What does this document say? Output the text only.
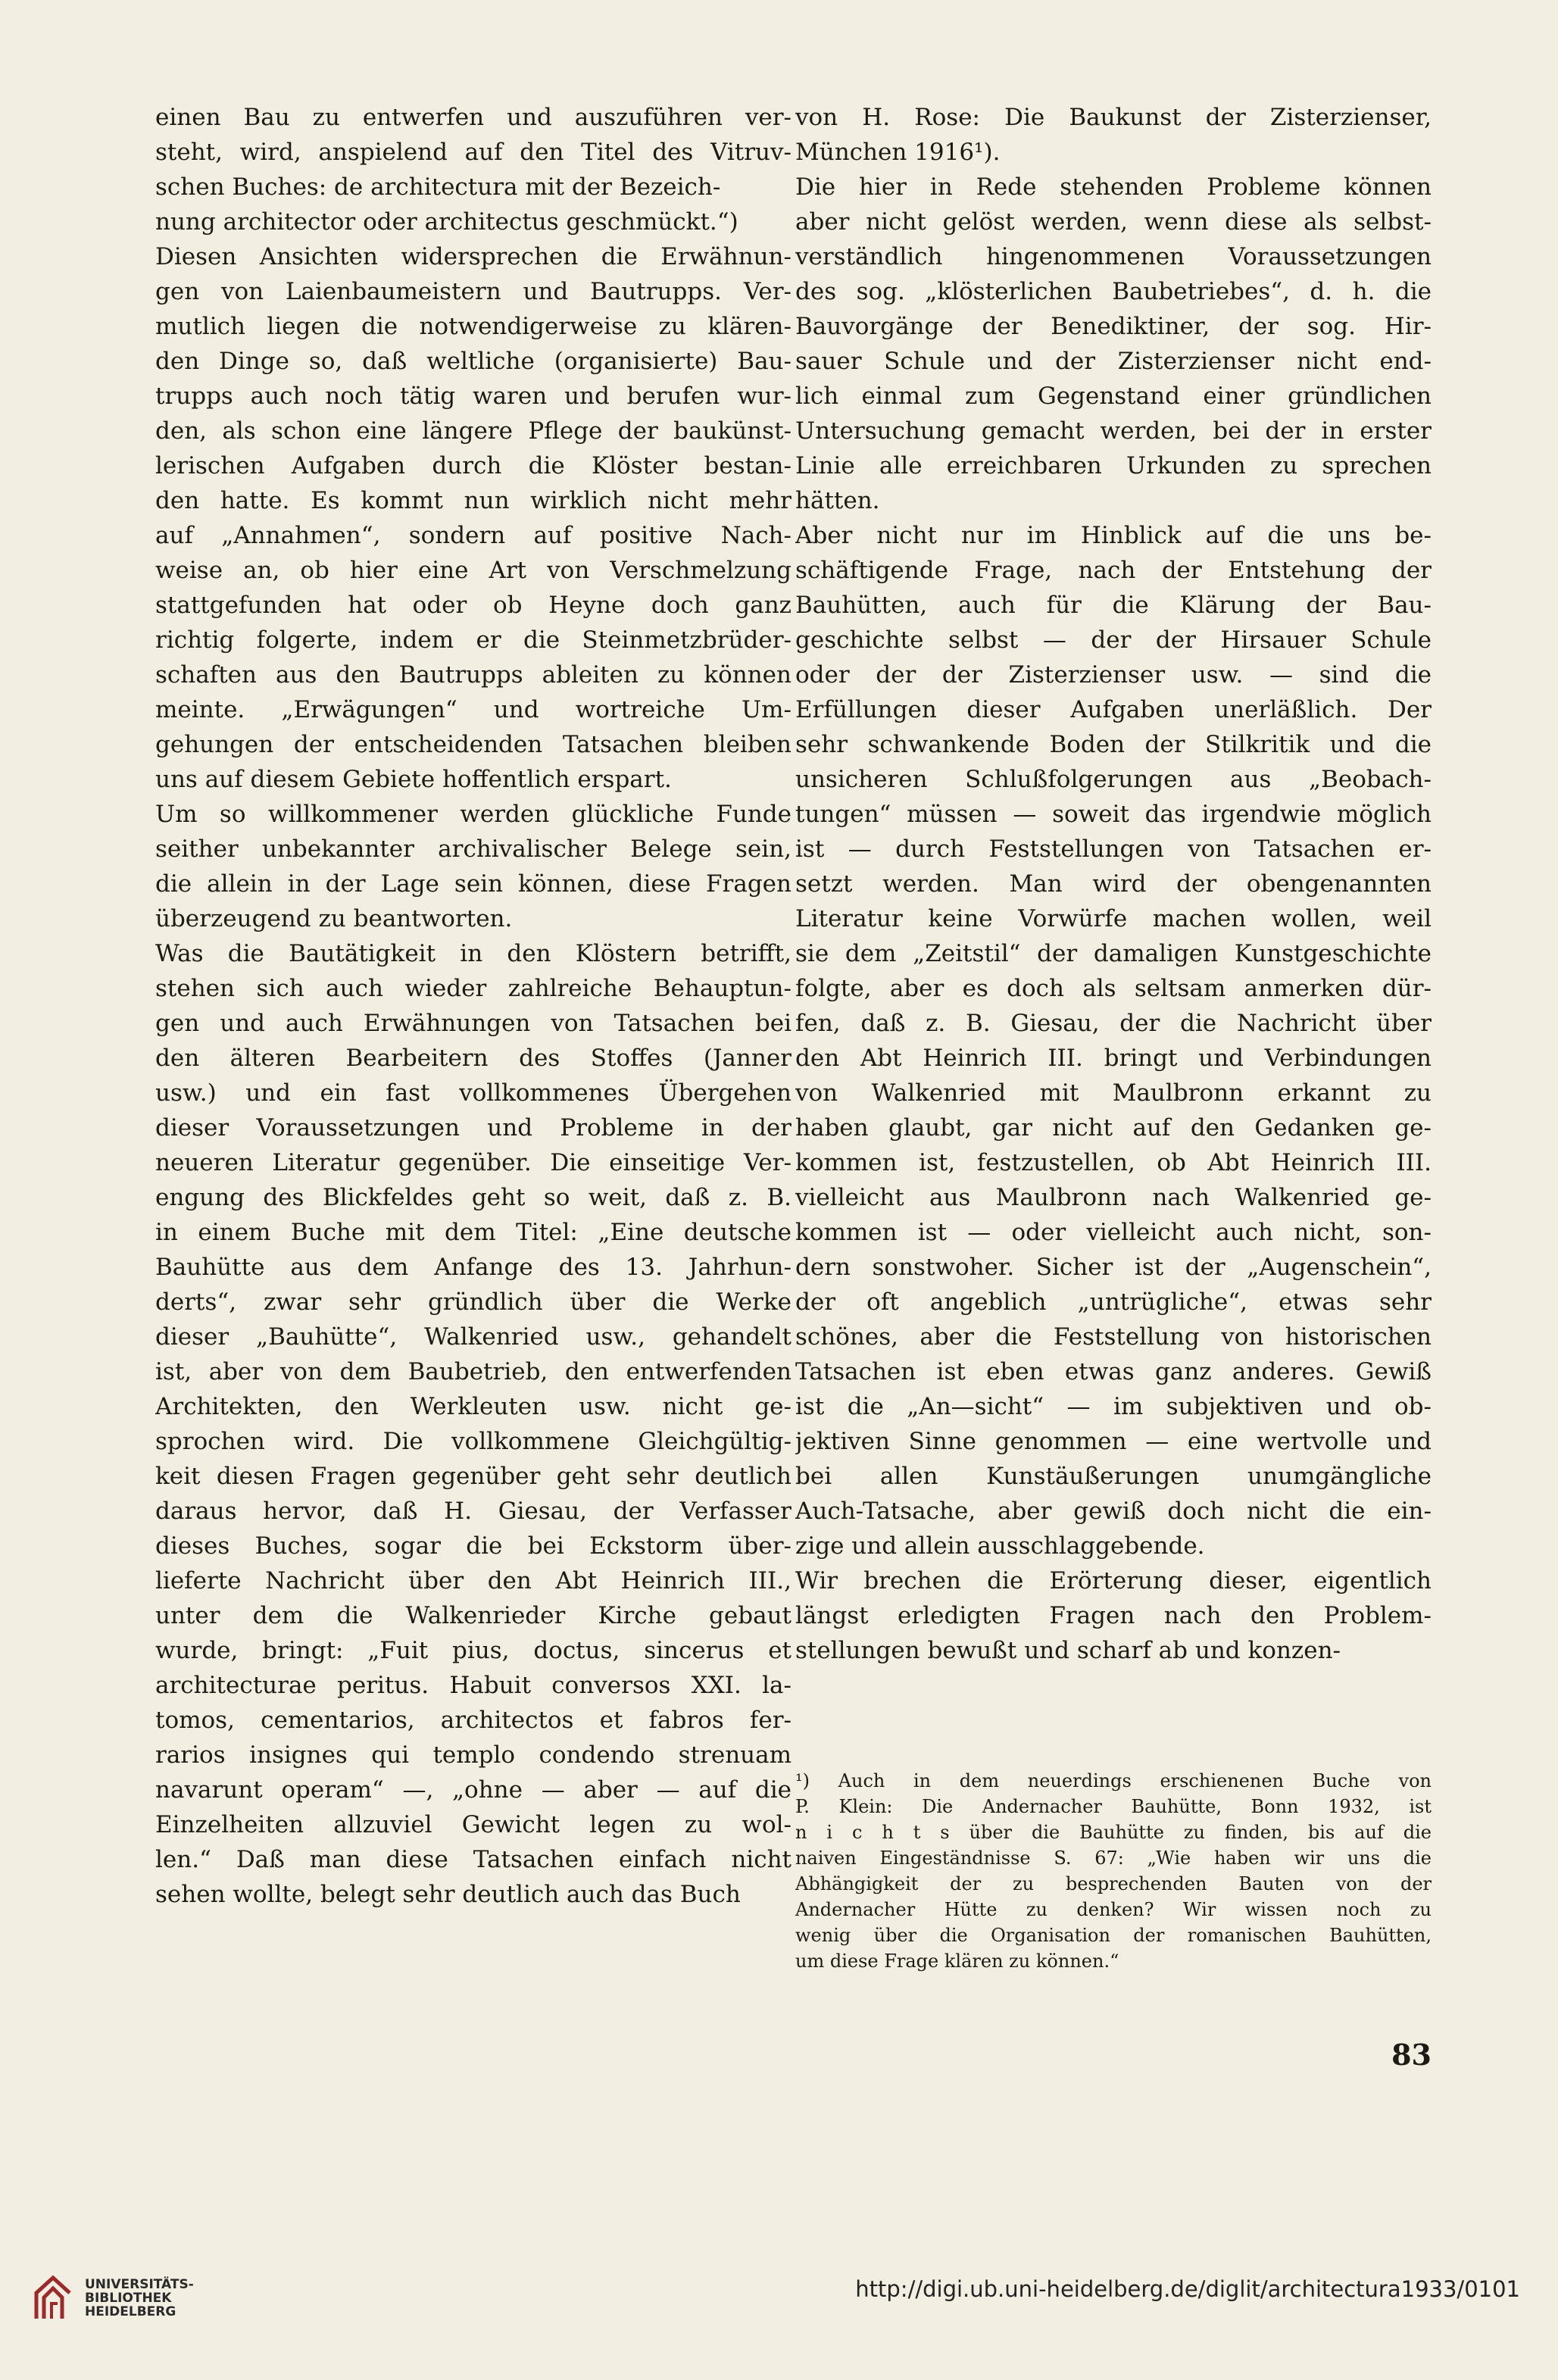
einen Bau zu entwerfen und auszuführen ver-
steht, wird, anspielend auf den Titel des Vitruv-
schen Buches: de architectura mit der Bezeich-
nung architector oder architectus geschmückt.“)
Diesen Ansichten widersprechen die Erwähnun-
gen von Laienbaumeistern und Bautrupps. Ver-
mutlich liegen die notwendigerweise zu klären-
den Dinge so, daß weltliche (organisierte) Bau-
trupps auch noch tätig waren und berufen wur-
den, als schon eine längere Pflege der baukünst-
lerischen Aufgaben durch die Klöster bestan-
den hatte. Es kommt nun wirklich nicht mehr
auf „Annahmen“, sondern auf positive Nach-
weise an, ob hier eine Art von Verschmelzung
stattgefunden hat oder ob Heyne doch ganz
richtig folgerte, indem er die Steinmetzbrüder-
schaften aus den Bautrupps ableiten zu können
meinte. „Erwägungen“ und wortreiche Um-
gehungen der entscheidenden Tatsachen bleiben
uns auf diesem Gebiete hoffentlich erspart.
Um so willkommener werden glückliche Funde
seither unbekannter archivalischer Belege sein,
die allein in der Lage sein können, diese Fragen
überzeugend zu beantworten.
Was die Bautätigkeit in den Klöstern betrifft,
stehen sich auch wieder zahlreiche Behauptun-
gen und auch Erwähnungen von Tatsachen bei
den älteren Bearbeitern des Stoffes (Janner
usw.) und ein fast vollkommenes Übergehen
dieser Voraussetzungen und Probleme in der
neueren Literatur gegenüber. Die einseitige Ver-
engung des Blickfeldes geht so weit, daß z. B.
in einem Buche mit dem Titel: „Eine deutsche
Bauhütte aus dem Anfange des 13. Jahrhun-
derts“, zwar sehr gründlich über die Werke
dieser „Bauhütte“, Walkenried usw., gehandelt
ist, aber von dem Baubetrieb, den entwerfenden
Architekten, den Werkleuten usw. nicht ge-
sprochen wird. Die vollkommene Gleichgültig-
keit diesen Fragen gegenüber geht sehr deutlich
daraus hervor, daß H. Giesau, der Verfasser
dieses Buches, sogar die bei Eckstorm über-
lieferte Nachricht über den Abt Heinrich III.,
unter dem die Walkenrieder Kirche gebaut
wurde, bringt: „Fuit pius, doctus, sincerus et
architecturae peritus. Habuit conversos XXI. la-
tomos, cementarios, architectos et fabros fer-
rarios insignes qui templo condendo strenuam
navarunt operam“ —, „ohne — aber — auf die
Einzelheiten allzuviel Gewicht legen zu wol-
len.“ Daß man diese Tatsachen einfach nicht
sehen wollte, belegt sehr deutlich auch das Buch
von H. Rose: Die Baukunst der Zisterzienser,
München 1916¹).
Die hier in Rede stehenden Probleme können
aber nicht gelöst werden, wenn diese als selbst-
verständlich hingenommenen Voraussetzungen
des sog. „klösterlichen Baubetriebes“, d. h. die
Bauvorgänge der Benediktiner, der sog. Hir-
sauer Schule und der Zisterzienser nicht end-
lich einmal zum Gegenstand einer gründlichen
Untersuchung gemacht werden, bei der in erster
Linie alle erreichbaren Urkunden zu sprechen
hätten.
Aber nicht nur im Hinblick auf die uns be-
schäftigende Frage, nach der Entstehung der
Bauhütten, auch für die Klärung der Bau-
geschichte selbst — der der Hirsauer Schule
oder der der Zisterzienser usw. — sind die
Erfüllungen dieser Aufgaben unerläßlich. Der
sehr schwankende Boden der Stilkritik und die
unsicheren Schlußfolgerungen aus „Beobach-
tungen“ müssen — soweit das irgendwie möglich
ist — durch Feststellungen von Tatsachen er-
setzt werden. Man wird der obengenannten
Literatur keine Vorwürfe machen wollen, weil
sie dem „Zeitstil“ der damaligen Kunstgeschichte
folgte, aber es doch als seltsam anmerken dür-
fen, daß z. B. Giesau, der die Nachricht über
den Abt Heinrich III. bringt und Verbindungen
von Walkenried mit Maulbronn erkannt zu
haben glaubt, gar nicht auf den Gedanken ge-
kommen ist, festzustellen, ob Abt Heinrich III.
vielleicht aus Maulbronn nach Walkenried ge-
kommen ist — oder vielleicht auch nicht, son-
dern sonstwoher. Sicher ist der „Augenschein“,
der oft angeblich „untrügliche“, etwas sehr
schönes, aber die Feststellung von historischen
Tatsachen ist eben etwas ganz anderes. Gewiß
ist die „An—sicht“ — im subjektiven und ob-
jektiven Sinne genommen — eine wertvolle und
bei allen Kunstäußerungen unumgängliche
Auch-Tatsache, aber gewiß doch nicht die ein-
zige und allein ausschlaggebende.
Wir brechen die Erörterung dieser, eigentlich
längst erledigten Fragen nach den Problem-
stellungen bewußt und scharf ab und konzen-
¹) Auch in dem neuerdings erschienenen Buche von
P. Klein: Die Andernacher Bauhütte, Bonn 1932, ist
n i c h t s über die Bauhütte zu finden, bis auf die
naiven Eingeständnisse S. 67: „Wie haben wir uns die
Abhängigkeit der zu besprechenden Bauten von der
Andernacher Hütte zu denken? Wir wissen noch zu
wenig über die Organisation der romanischen Bauhütten,
um diese Frage klären zu können.“
83
UNIVERSITÄTS-
BIBLIOTHEK
HEIDELBERG
http://digi.ub.uni-heidelberg.de/diglit/architectura1933/0101
